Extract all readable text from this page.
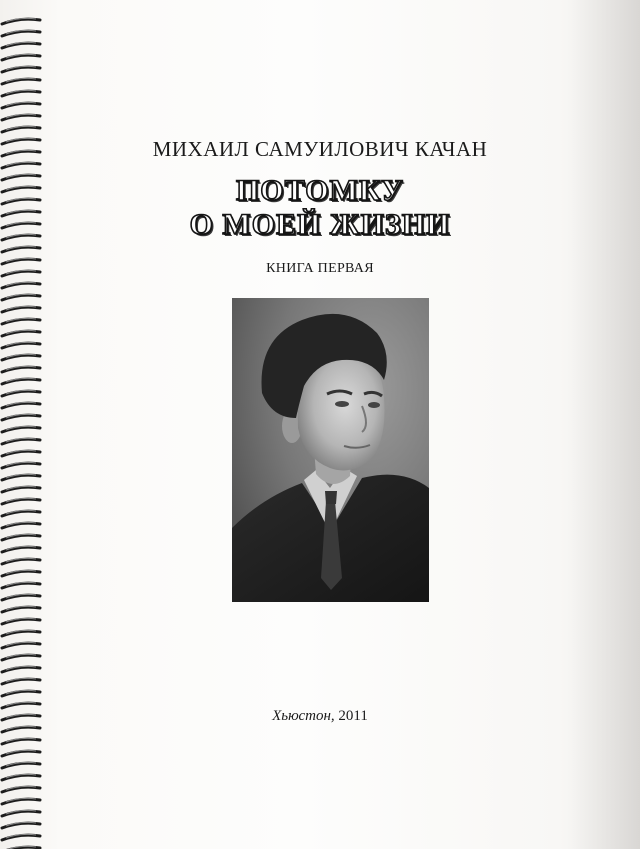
МИХАИЛ САМУИЛОВИЧ КАЧАН
ПОТОМКУ
О МОЕЙ ЖИЗНИ
КНИГА ПЕРВАЯ
Хьюстон, 2011
